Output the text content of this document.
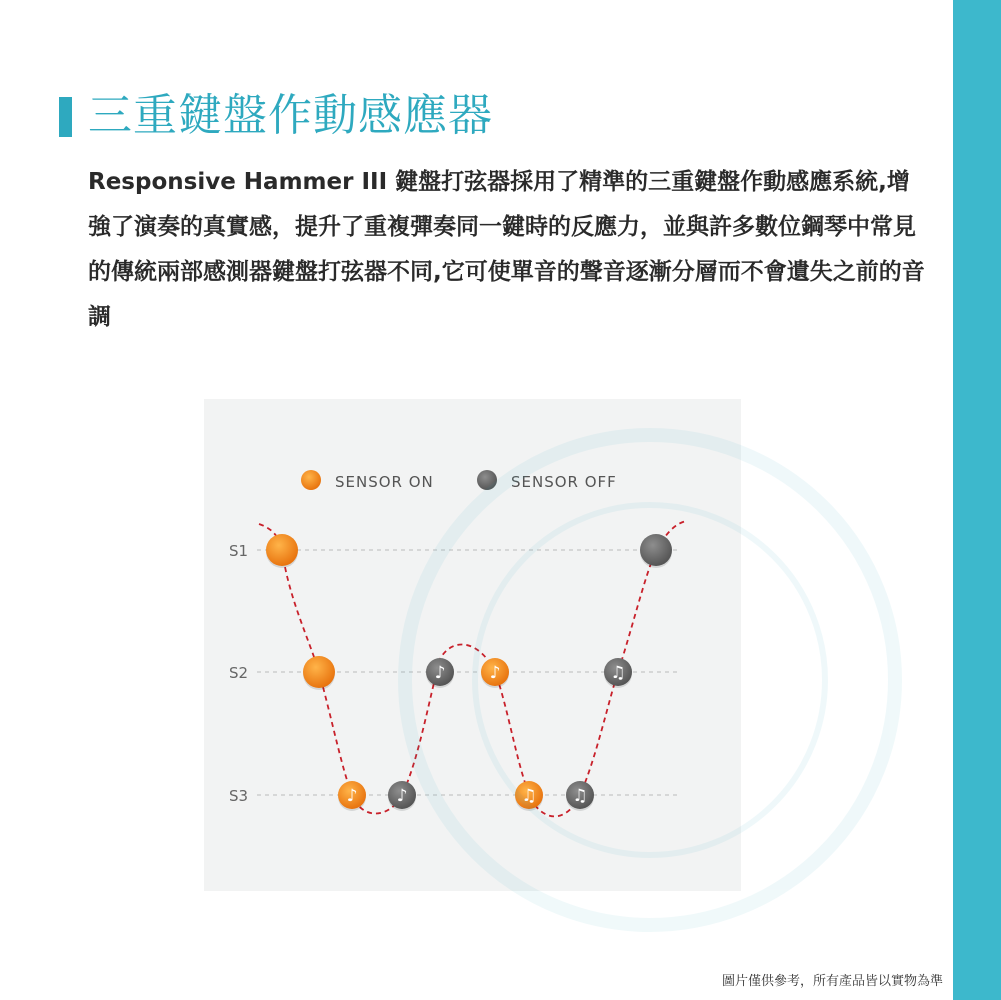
三重鍵盤作動感應器

Responsive Hammer III 鍵盤打弦器採用了精準的三重鍵盤作動感應系統,增強了演奏的真實感，提升了重複彈奏同一鍵時的反應力，並與許多數位鋼琴中常見的傳統兩部感測器鍵盤打弦器不同,它可使單音的聲音逐漸分層而不會遺失之前的音調

SENSOR ON	SENSOR OFF
S1
S2
S3	♪ ♪
♪	♪
♫ ♫
♫
圖片僅供參考，所有產品皆以實物為準
